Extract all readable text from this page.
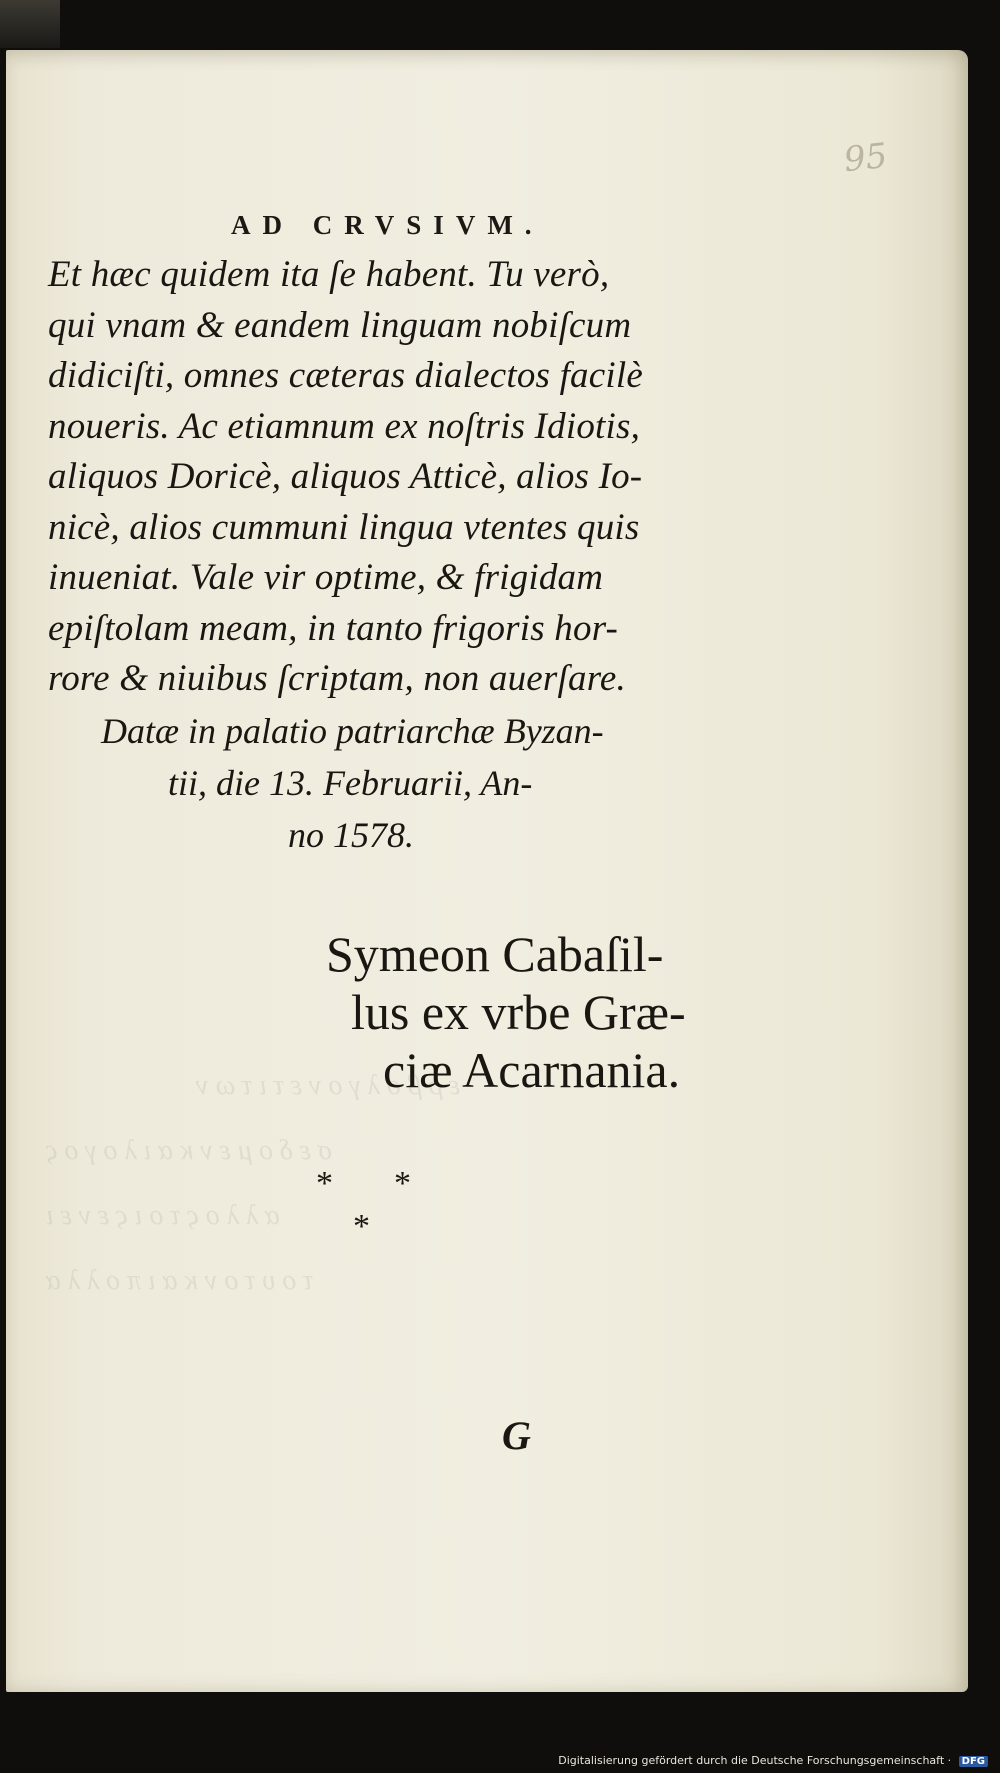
ε ρ β ο λ γ ο ν ε τ ι τ ω ν
σ ε δ ο μ ε ν κ α ι λ ο γ ο ς
α λ λ ο ς τ ο ι ς ε ν ε ι
τ ο υ τ ο ν κ α ι π ο λ λ α
95
AD CRVSIVM.
Et hæc quidem ita ſe habent. Tu verò,
qui vnam & eandem linguam nobiſcum
didiciſti, omnes cæteras dialectos facilè
noueris. Ac etiamnum ex noſtris Idiotis,
aliquos Doricè, aliquos Atticè, alios Io-
nicè, alios cummuni lingua vtentes quis
inueniat. Vale vir optime, & frigidam
epiſtolam meam, in tanto frigoris hor-
rore & niuibus ſcriptam, non auerſare.
Datæ in palatio patriarchæ Byzan-
tii, die 13. Februarii, An-
no 1578.
Symeon Cabaſil-
lus ex vrbe Græ-
ciæ Acarnania.
* *
*
G
Digitalisierung gefördert durch die Deutsche Forschungsgemeinschaft · DFG
